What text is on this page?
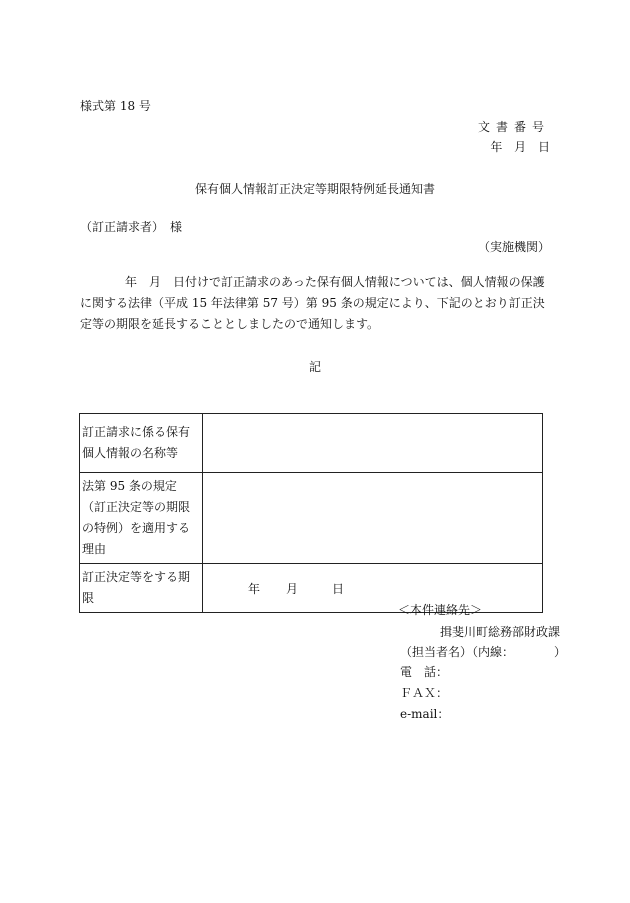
様式第 18 号
文書番号
年 月 日
保有個人情報訂正決定等期限特例延長通知書
（訂正請求者）　様
（実施機関）
年　月　日付けで訂正請求のあった保有個人情報については、個人情報の保護に関する法律（平成 15 年法律第 57 号）第 95 条の規定により、下記のとおり訂正決定等の期限を延長することとしましたので通知します。
記
訂正請求に係る保有個人情報の名称等	
法第 95 条の規定（訂正決定等の期限の特例）を適用する理由	
訂正決定等をする期限	年 月 日
＜本件連絡先＞
揖斐川町総務部財政課
（担当者名）（内線：	）
電　話：
ＦＡＸ：
e-mail：
